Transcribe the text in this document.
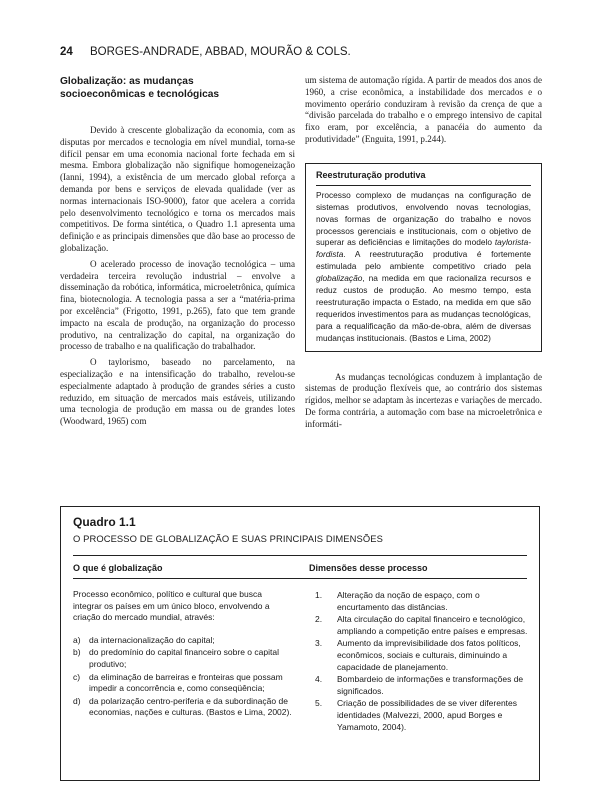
24 BORGES-ANDRADE, ABBAD, MOURÃO & COLS.
Globalização: as mudanças
socioeconômicas e tecnológicas

Devido à crescente globalização da economia, com as disputas por mercados e tecnologia em nível mundial, torna-se difícil pensar em uma economia nacional forte fechada em si mesma. Embora globalização não signifique homogeneização (Ianni, 1994), a existência de um mercado global reforça a demanda por bens e serviços de elevada qualidade (ver as normas internacionais ISO-9000), fator que acelera a corrida pelo desenvolvimento tecnológico e torna os mercados mais competitivos. De forma sintética, o Quadro 1.1 apresenta uma definição e as principais dimensões que dão base ao processo de globalização.

O acelerado processo de inovação tecnológica – uma verdadeira terceira revolução industrial – envolve a disseminação da robótica, informática, microeletrônica, química fina, biotecnologia. A tecnologia passa a ser a “matéria-prima por excelência” (Frigotto, 1991, p.265), fato que tem grande impacto na escala de produção, na organização do processo produtivo, na centralização do capital, na organização do processo de trabalho e na qualificação do trabalhador.

O taylorismo, baseado no parcelamento, na especialização e na intensificação do trabalho, revelou-se especialmente adaptado à produção de grandes séries a custo reduzido, em situação de mercados mais estáveis, utilizando uma tecnologia de produção em massa ou de grandes lotes (Woodward, 1965) com

um sistema de automação rígida. A partir de meados dos anos de 1960, a crise econômica, a instabilidade dos mercados e o movimento operário conduziram à revisão da crença de que a “divisão parcelada do trabalho e o emprego intensivo de capital fixo eram, por excelência, a panacéia do aumento da produtividade” (Enguita, 1991, p.244).

Reestruturação produtiva
Processo complexo de mudanças na configuração de sistemas produtivos, envolvendo novas tecnologias, novas formas de organização do trabalho e novos processos gerenciais e institucionais, com o objetivo de superar as deficiências e limitações do modelo taylorista-fordista. A reestruturação produtiva é fortemente estimulada pelo ambiente competitivo criado pela globalização, na medida em que racionaliza recursos e reduz custos de produção. Ao mesmo tempo, esta reestruturação impacta o Estado, na medida em que são requeridos investimentos para as mudanças tecnológicas, para a requalificação da mão-de-obra, além de diversas mudanças institucionais. (Bastos e Lima, 2002)

As mudanças tecnológicas conduzem à implantação de sistemas de produção flexíveis que, ao contrário dos sistemas rígidos, melhor se adaptam às incertezas e variações de mercado. De forma contrária, a automação com base na microeletrônica e informáti-

Quadro 1.1
O PROCESSO DE GLOBALIZAÇÃO E SUAS PRINCIPAIS DIMENSÕES
O que é globalização	Dimensões desse processo
Processo econômico, político e cultural que busca integrar os países em um único bloco, envolvendo a criação do mercado mundial, através:
a) da internacionalização do capital;
b) do predomínio do capital financeiro sobre o capital produtivo;
c)	da eliminação de barreiras e fronteiras que possam impedir a concorrência e, como conseqüência;
d) da polarização centro-periferia e da subordinação de economias, nações e culturas. (Bastos e Lima, 2002).
1.	Alteração da noção de espaço, com o encurtamento das distâncias.
2.	Alta circulação do capital financeiro e tecnológico, ampliando a competição entre países e empresas.
3.	Aumento da imprevisibilidade dos fatos políticos, econômicos, sociais e culturais, diminuindo a capacidade de planejamento.
4.	Bombardeio de informações e transformações de significados.
5.	Criação de possibilidades de se viver diferentes identidades (Malvezzi, 2000, apud Borges e Yamamoto, 2004).
